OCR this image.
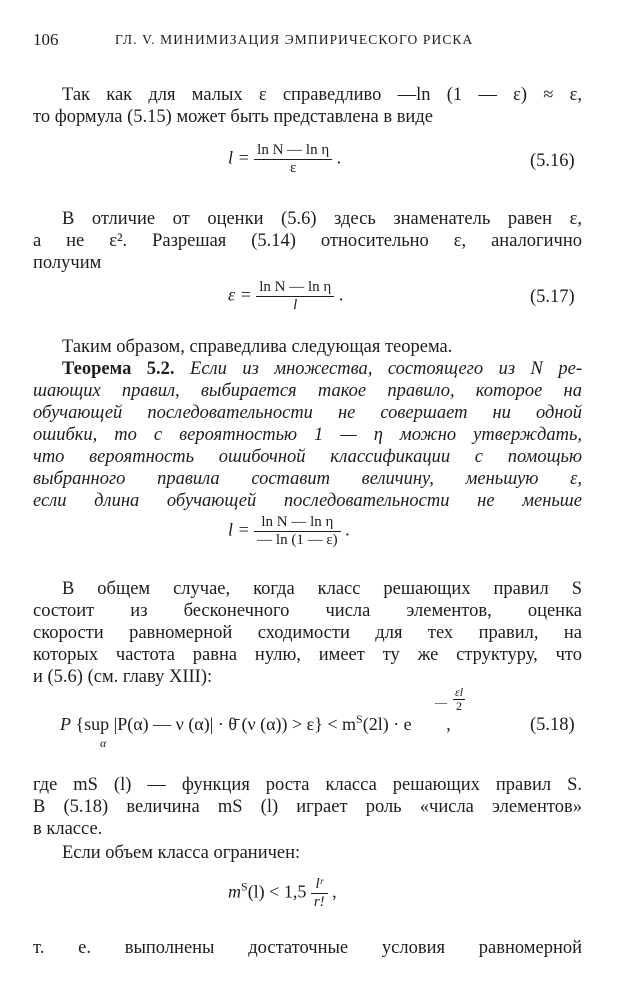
106	ГЛ. V. МИНИМИЗАЦИЯ ЭМПИРИЧЕСКОГО РИСКА
Так как для малых ε справедливо —ln (1 — ε) ≈ ε,
то формула (5.15) может быть представлена в виде
$l = \frac{\text{ln N — ln η}}{\varepsilon}$ .	(5.16)
В отличие от оценки (5.6) здесь знаменатель равен ε,
а не ε². Разрешая (5.14) относительно ε, аналогично
получим
$\varepsilon = \frac{\text{ln N — ln η}}{l}$ .	(5.17)
Таким образом, справедлива следующая теорема.
Теорема 5.2. Если из множества, состоящего из N ре-
шающих правил, выбирается такое правило, которое на
обучающей последовательности не совершает ни одной
ошибки, то с вероятностью 1 — η можно утверждать,
что вероятность ошибочной классификации с помощью
выбранного правила составит величину, меньшую ε,
если длина обучающей последовательности не меньше
$l = \frac{\text{ln N — ln η}}{— \ln (1 — \varepsilon)}$ .
В общем случае, когда класс решающих правил S
состоит из бесконечного числа элементов, оценка
скорости равномерной сходимости для тех правил, на
которых частота равна нулю, имеет ту же структуру, что
и (5.6) (см. главу XIII):
P {sup |P(α) — ν (α)| · θ̄ (ν $(\alpha)) > \varepsilon\} < m^S(2l) \cdot e$
— $\frac{\varepsilon l}{2}$
,
α
(5.18)
где mS (l) — функция роста класса решающих правил S.
В (5.18) величина mS (l) играет роль «числа элементов»
в классе.
Если объем класса ограничен:
$m^S(l) < 1,5 \frac{\text{lʳ}}{r!}$ ,
т. е. выполнены достаточные условия равномерной
